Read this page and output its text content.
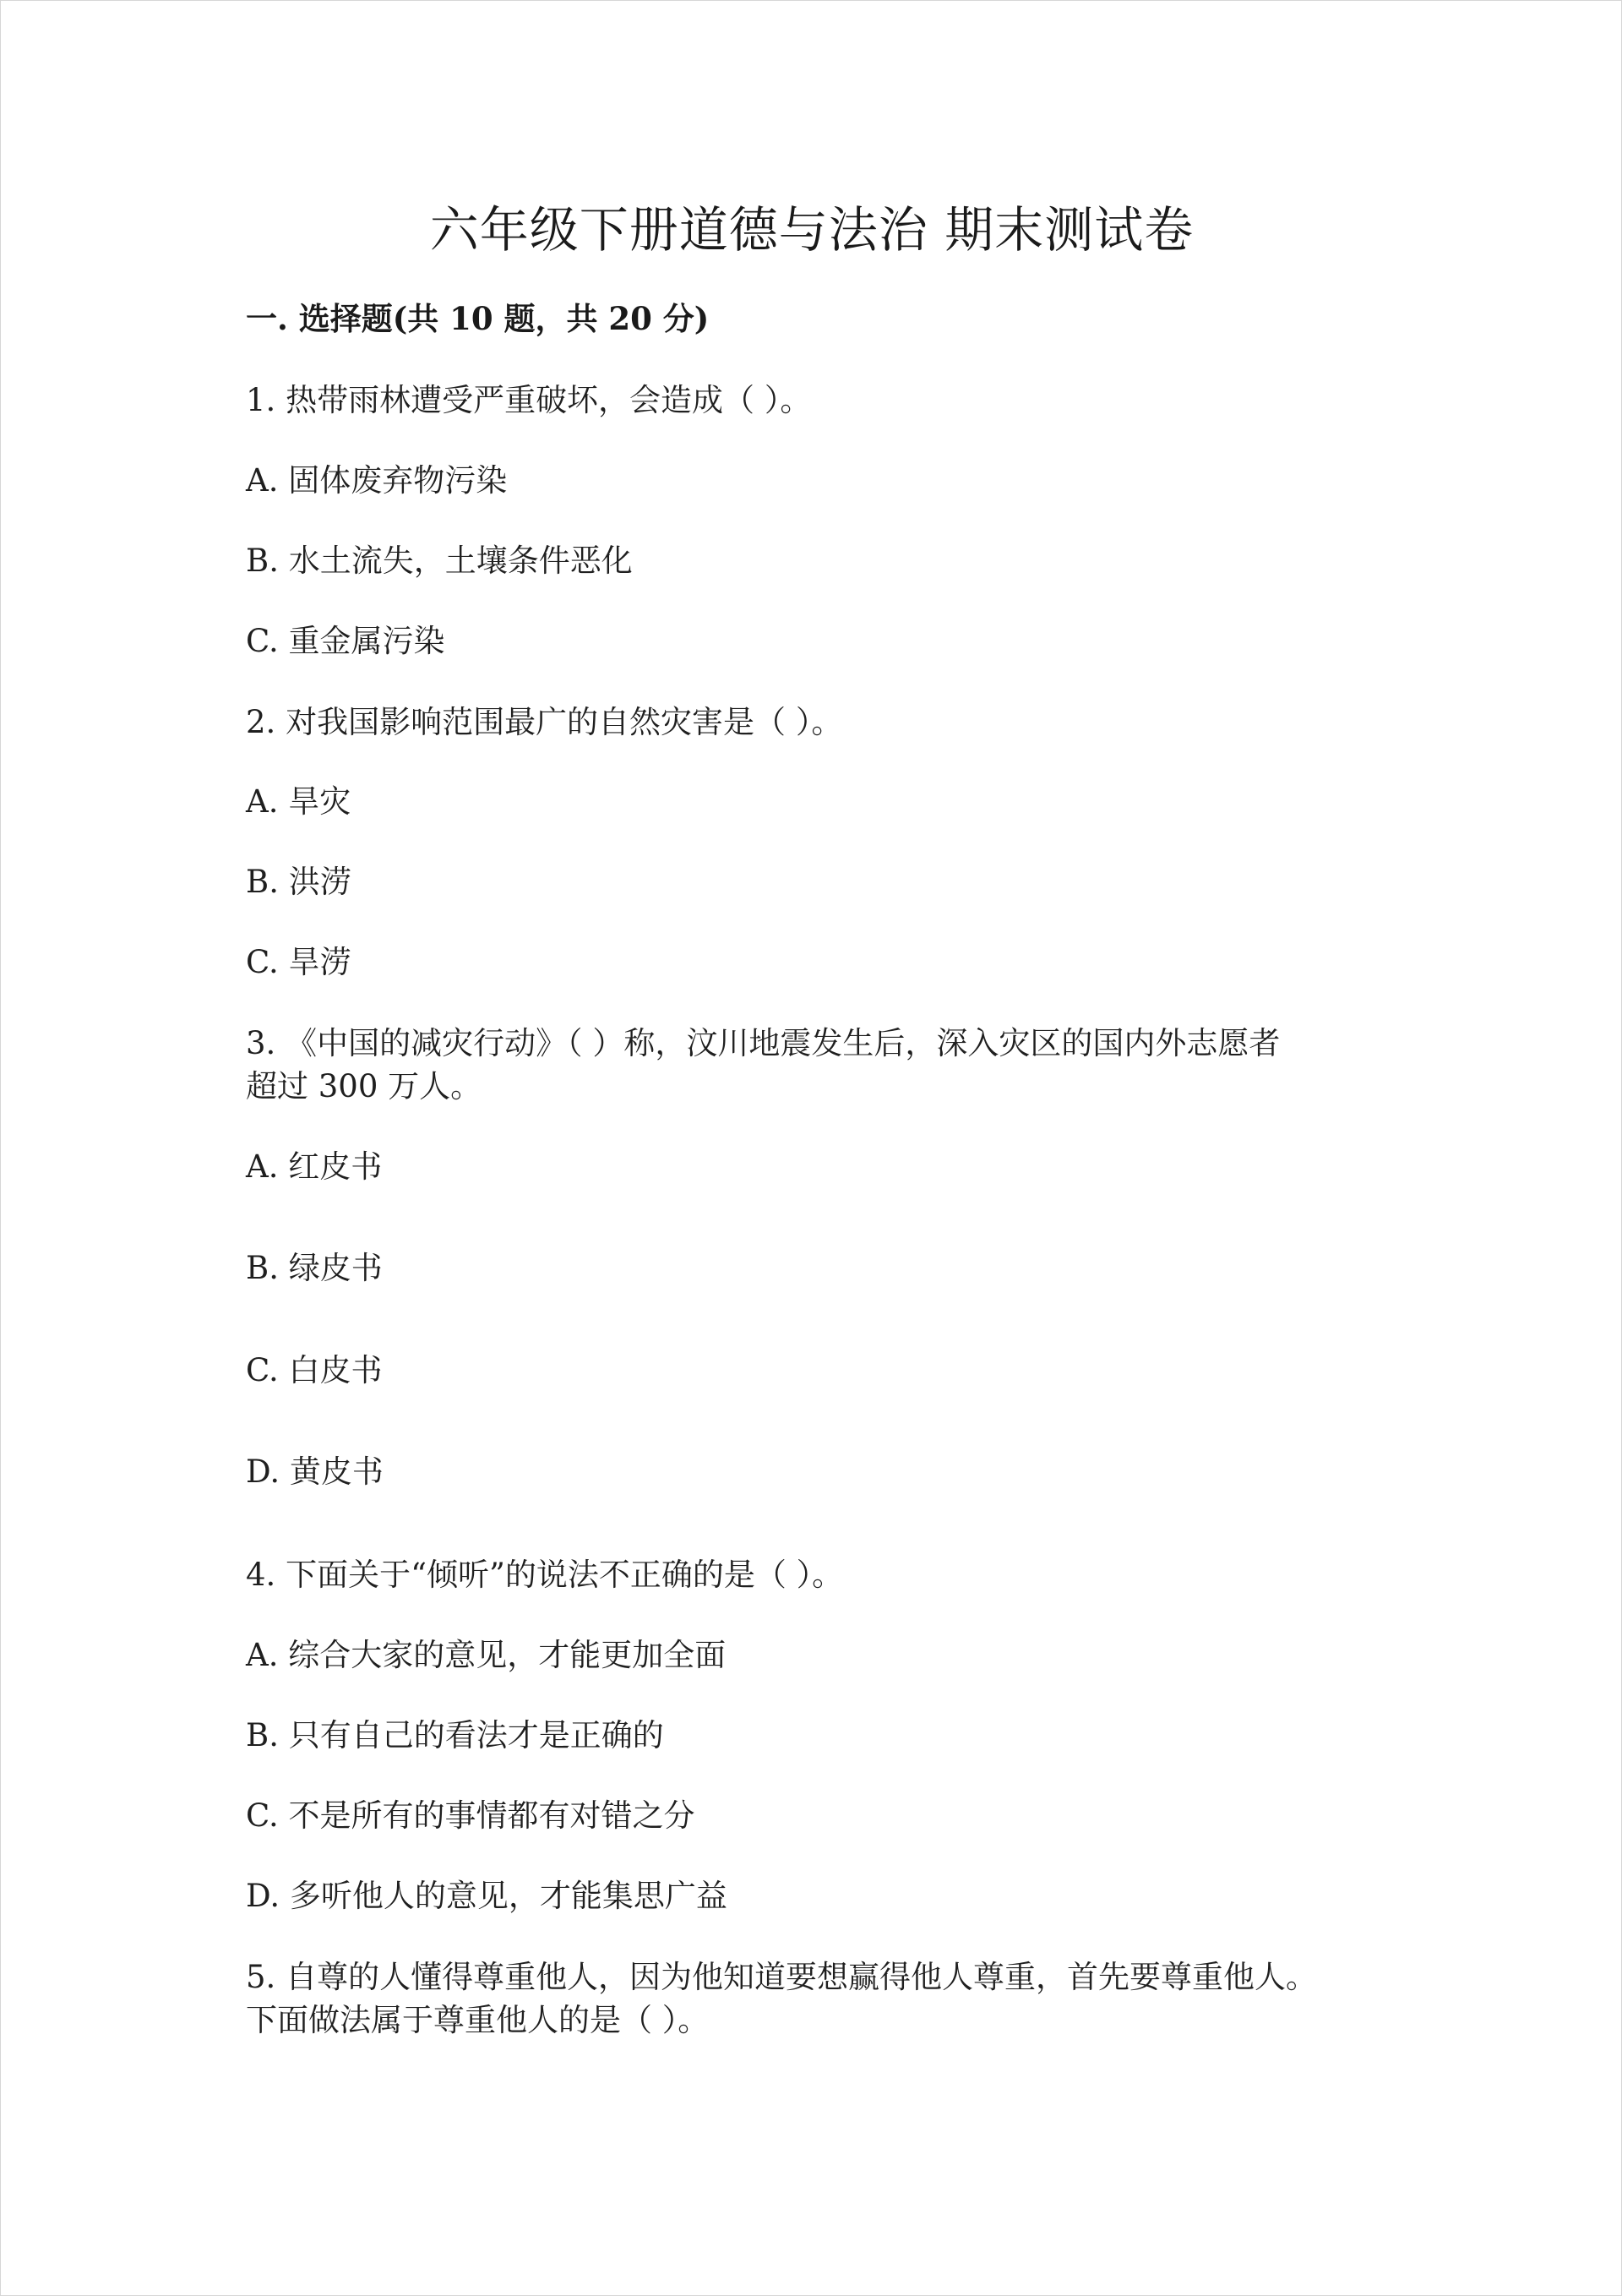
六年级下册道德与法治 期末测试卷
一. 选择题(共 10 题，共 20 分)
1. 热带雨林遭受严重破坏，会造成（ ）。
A. 固体废弃物污染
B. 水土流失，土壤条件恶化
C. 重金属污染
2. 对我国影响范围最广的自然灾害是（ ）。
A. 旱灾
B. 洪涝
C. 旱涝
3. 《中国的减灾行动》（ ）称，汶川地震发生后，深入灾区的国内外志愿者
超过 300 万人。
A. 红皮书
B. 绿皮书
C. 白皮书
D. 黄皮书
4. 下面关于“倾听”的说法不正确的是（ ）。
A. 综合大家的意见，才能更加全面
B. 只有自己的看法才是正确的
C. 不是所有的事情都有对错之分
D. 多听他人的意见，才能集思广益
5. 自尊的人懂得尊重他人，因为他知道要想赢得他人尊重，首先要尊重他人。
下面做法属于尊重他人的是（ ）。
